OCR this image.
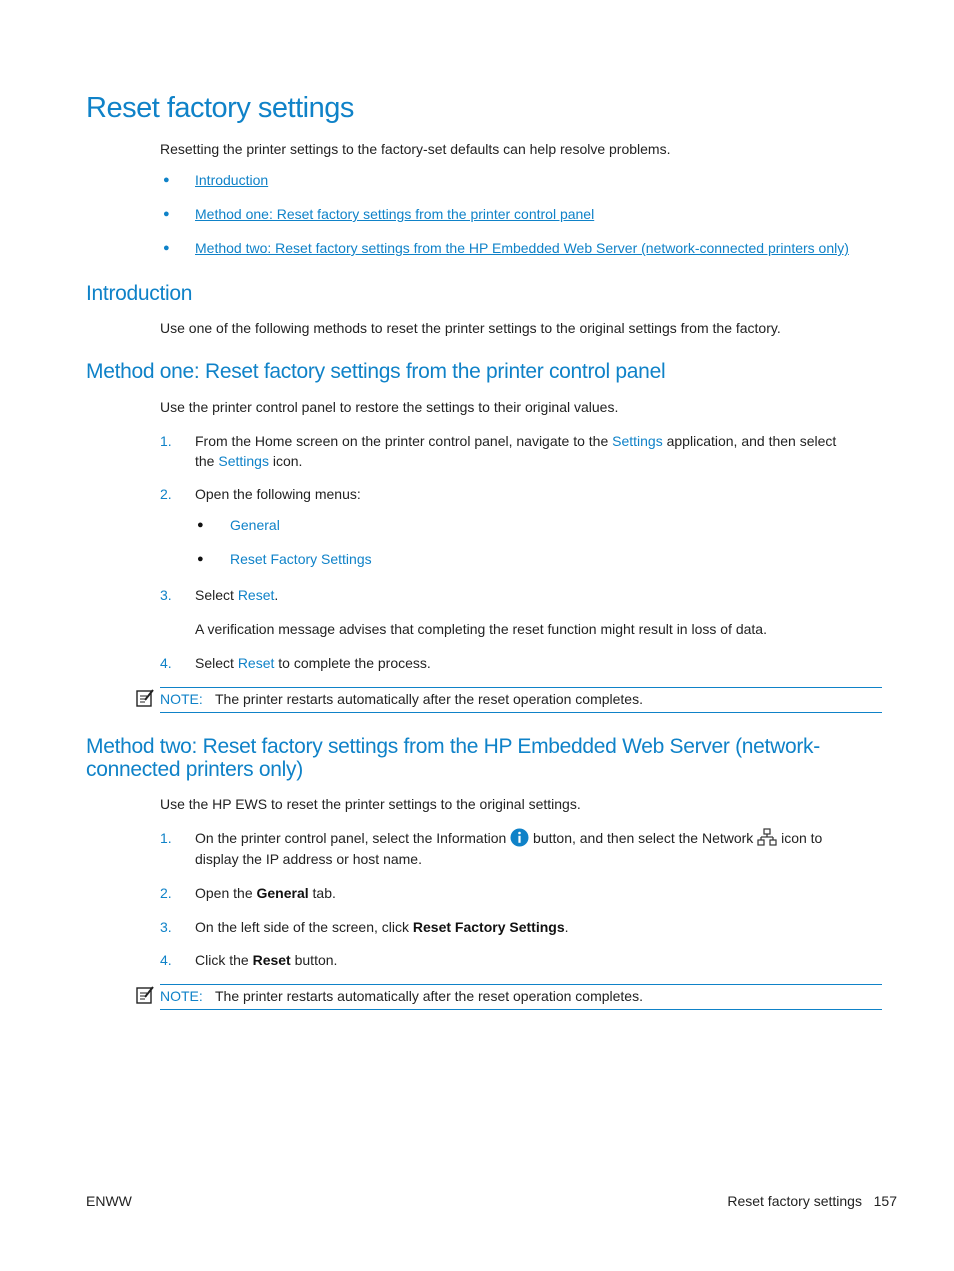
Reset factory settings

Resetting the printer settings to the factory-set defaults can help resolve problems.

● Introduction
● Method one: Reset factory settings from the printer control panel
● Method two: Reset factory settings from the HP Embedded Web Server (network-connected printers only)
Introduction

Use one of the following methods to reset the printer settings to the original settings from the factory.

Method one: Reset factory settings from the printer control panel

Use the printer control panel to restore the settings to their original values.

1. From the Home screen on the printer control panel, navigate to the Settings application, and then select
the Settings icon.
2. Open the following menus:
● General
● Reset Factory Settings
3. Select Reset.
A verification message advises that completing the reset function might result in loss of data.
4. Select Reset to complete the process.
NOTE: The printer restarts automatically after the reset operation completes.
Method two: Reset factory settings from the HP Embedded Web Server (network-
connected printers only)

Use the HP EWS to reset the printer settings to the original settings.

1. On the printer control panel, select the Information  button, and then select the Network  icon to
display the IP address or host name.
2. Open the General tab.
3. On the left side of the screen, click Reset Factory Settings.
4. Click the Reset button.
NOTE: The printer restarts automatically after the reset operation completes.
ENWW	Reset factory settings 157
